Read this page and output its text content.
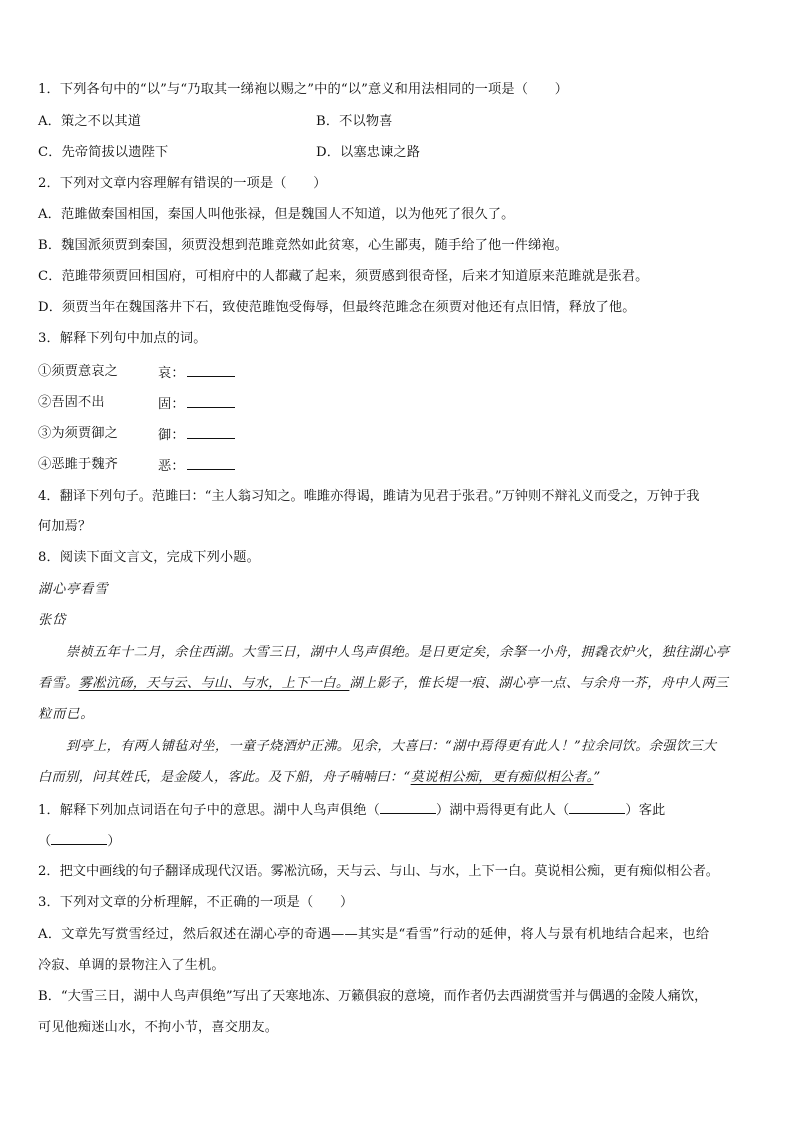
1．下列各句中的“以”与“乃取其一绨袍以赐之”中的“以”意义和用法相同的一项是（　　）
A．策之不以其道	B．不以物喜
C．先帝简拔以遗陛下	D．以塞忠谏之路
2．下列对文章内容理解有错误的一项是（　　）
A．范雎做秦国相国，秦国人叫他张禄，但是魏国人不知道，以为他死了很久了。
B．魏国派须贾到秦国，须贾没想到范雎竟然如此贫寒，心生鄙夷，随手给了他一件绨袍。
C．范雎带须贾回相国府，可相府中的人都藏了起来，须贾感到很奇怪，后来才知道原来范雎就是张君。
D．须贾当年在魏国落井下石，致使范雎饱受侮辱，但最终范雎念在须贾对他还有点旧情，释放了他。
3．解释下列句中加点的词。
①须贾意哀之	哀：
②吾固不出	固：
③为须贾御之	御：
④恶雎于魏齐	恶：
4．翻译下列句子。范雎曰：“主人翁习知之。唯雎亦得谒，雎请为见君于张君。”万钟则不辩礼义而受之，万钟于我
何加焉？
8．阅读下面文言文，完成下列小题。
湖心亭看雪
张岱
崇祯五年十二月，余住西湖。大雪三日，湖中人鸟声俱绝。是日更定矣，余拏一小舟，拥毳衣炉火，独往湖心亭
看雪。雾凇沆砀，天与云、与山、与水，上下一白。湖上影子，惟长堤一痕、湖心亭一点、与余舟一芥，舟中人两三
粒而已。
到亭上，有两人铺毡对坐，一童子烧酒炉正沸。见余，大喜曰：“湖中焉得更有此人！”拉余同饮。余强饮三大
白而别，问其姓氏，是金陵人，客此。及下船，舟子喃喃曰：“莫说相公痴，更有痴似相公者。”
1．解释下列加点词语在句子中的意思。湖中人鸟声俱绝（	）湖中焉得更有此人（	）客此
（	）
2．把文中画线的句子翻译成现代汉语。雾凇沆砀，天与云、与山、与水，上下一白。莫说相公痴，更有痴似相公者。
3．下列对文章的分析理解，不正确的一项是（　　）
A．文章先写赏雪经过，然后叙述在湖心亭的奇遇——其实是“看雪”行动的延伸，将人与景有机地结合起来，也给
冷寂、单调的景物注入了生机。
B．“大雪三日，湖中人鸟声俱绝”写出了天寒地冻、万籁俱寂的意境，而作者仍去西湖赏雪并与偶遇的金陵人痛饮，
可见他痴迷山水，不拘小节，喜交朋友。
